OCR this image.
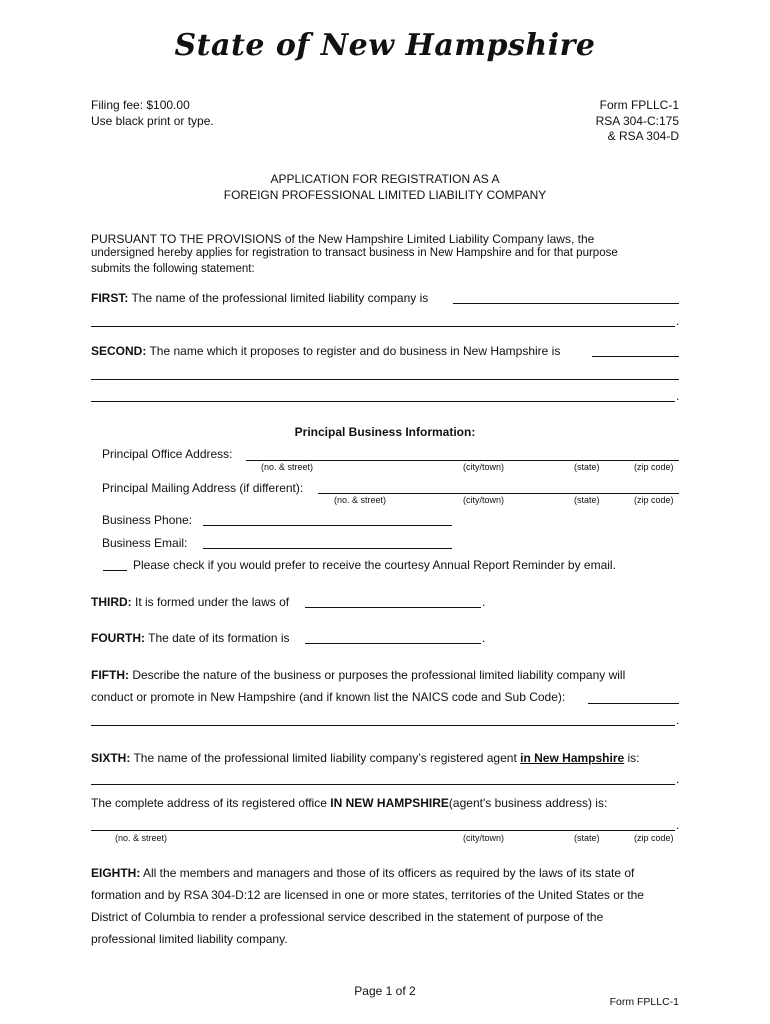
State of New Hampshire
Filing fee: $100.00
Use black print or type.
Form FPLLC-1
RSA 304-C:175
& RSA 304-D
APPLICATION FOR REGISTRATION AS A
FOREIGN PROFESSIONAL LIMITED LIABILITY COMPANY
PURSUANT TO THE PROVISIONS of the New Hampshire Limited Liability Company laws, the
undersigned hereby applies for registration to transact business in New Hampshire and for that purpose
submits the following statement:
FIRST: The name of the professional limited liability company is
.
SECOND: The name which it proposes to register and do business in New Hampshire is
.
Principal Business Information:
Principal Office Address:
(no. & street)	(city/town)	(state)	(zip code)
Principal Mailing Address (if different):
(no. & street)	(city/town)	(state)	(zip code)
Business Phone:
Business Email:
Please check if you would prefer to receive the courtesy Annual Report Reminder by email.
THIRD: It is formed under the laws of	.
FOURTH: The date of its formation is	.
FIFTH: Describe the nature of the business or purposes the professional limited liability company will
conduct or promote in New Hampshire (and if known list the NAICS code and Sub Code):
.
SIXTH: The name of the professional limited liability company’s registered agent in New Hampshire is:
.
The complete address of its registered office IN NEW HAMPSHIRE(agent's business address) is:
.
(no. & street)	(city/town)	(state)	(zip code)
EIGHTH: All the members and managers and those of its officers as required by the laws of its state of
formation and by RSA 304-D:12 are licensed in one or more states, territories of the United States or the
District of Columbia to render a professional service described in the statement of purpose of the
professional limited liability company.
Page 1 of 2
Form FPLLC-1
